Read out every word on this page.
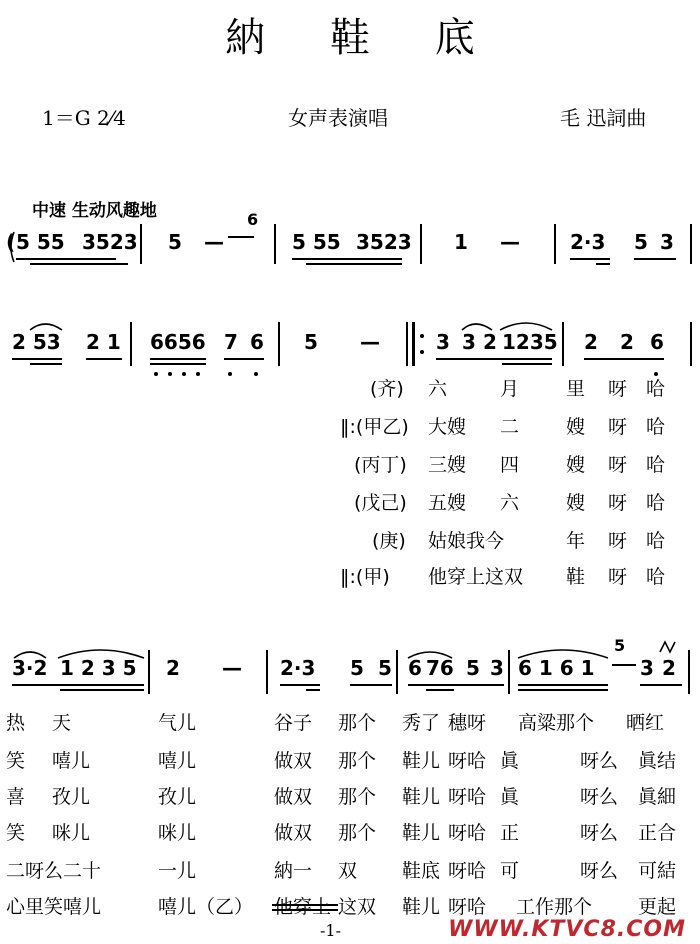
納 鞋 底
1＝G 2⁄4	女声表演唱	毛 迅詞曲
中速 生动风趣地
( 5 55 3523 5 —
6
5 55 3523 1 —	2·3 5 3
2 53 2 1 6656 7 6 5 —	3 3 2 1235 2 2 6
3·2 1 2 3 5 2 — 2·3 5 5 6 76 5 3 6 1 6 1
5
3 2
(齐) 六	月 里 呀 哈
‖:(甲乙) 大嫂 二 嫂 呀 哈
(丙丁) 三嫂 四 嫂 呀 哈
(戊己) 五嫂 六 嫂 呀 哈
(庚) 姑娘我今	年 呀 哈
‖:(甲) 他穿上这双 鞋 呀 哈
热 天	气儿	谷子 那个 秀了 穗呀 高粱那个 晒红
笑 嘻儿	嘻儿	做双 那个 鞋儿 呀哈 眞	呀么 眞结
喜 孜儿	孜儿	做双 那个 鞋儿 呀哈 眞	呀么 眞細
笑 咪儿	咪儿	做双 那个 鞋儿 呀哈 正	呀么 正合
二呀么二十	一儿	納一 双 鞋底 呀哈 可	呀么 可結
心里笑嘻儿	嘻儿（乙） 他穿上 这双 鞋儿 呀哈 工作那个 更起
-1-	WWW.KTVC8.COM
